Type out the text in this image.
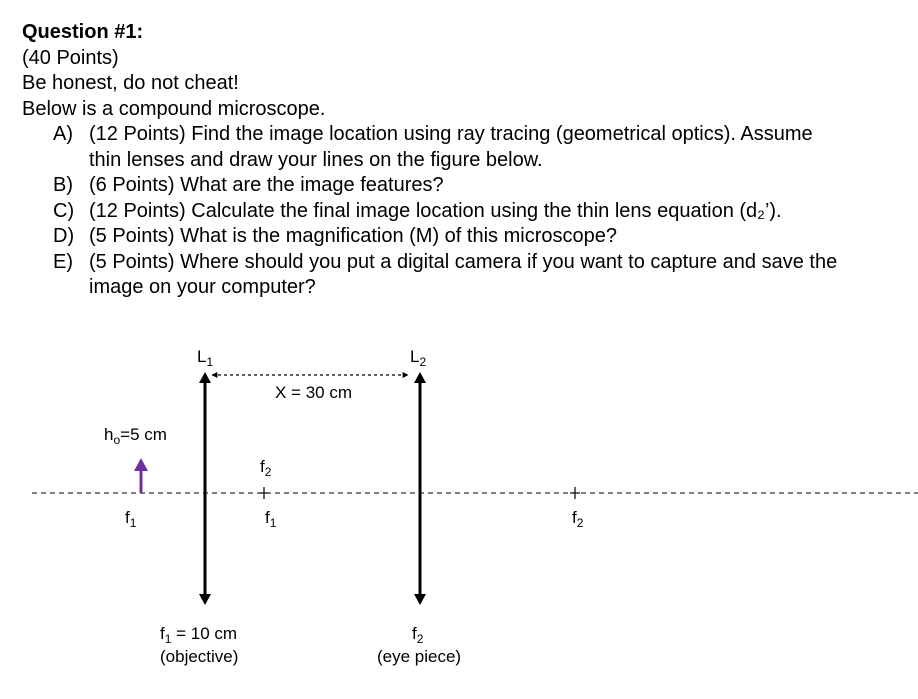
Question #1:
(40 Points)
Be honest, do not cheat!
Below is a compound microscope.
A) (12 Points) Find the image location using ray tracing (geometrical optics). Assume thin lenses and draw your lines on the figure below.
B) (6 Points) What are the image features?
C) (12 Points) Calculate the final image location using the thin lens equation (d₂’).
D) (5 Points) What is the magnification (M) of this microscope?
E) (5 Points) Where should you put a digital camera if you want to capture and save the image on your computer?
$L_1$	$L_2$
X = 30 cm
$h_o=5$ cm
$f_2$
$f_1$	$f_1$	$f_2$
$f_1 = 10$ cm
(objective)
$f_2$
(eye piece)
